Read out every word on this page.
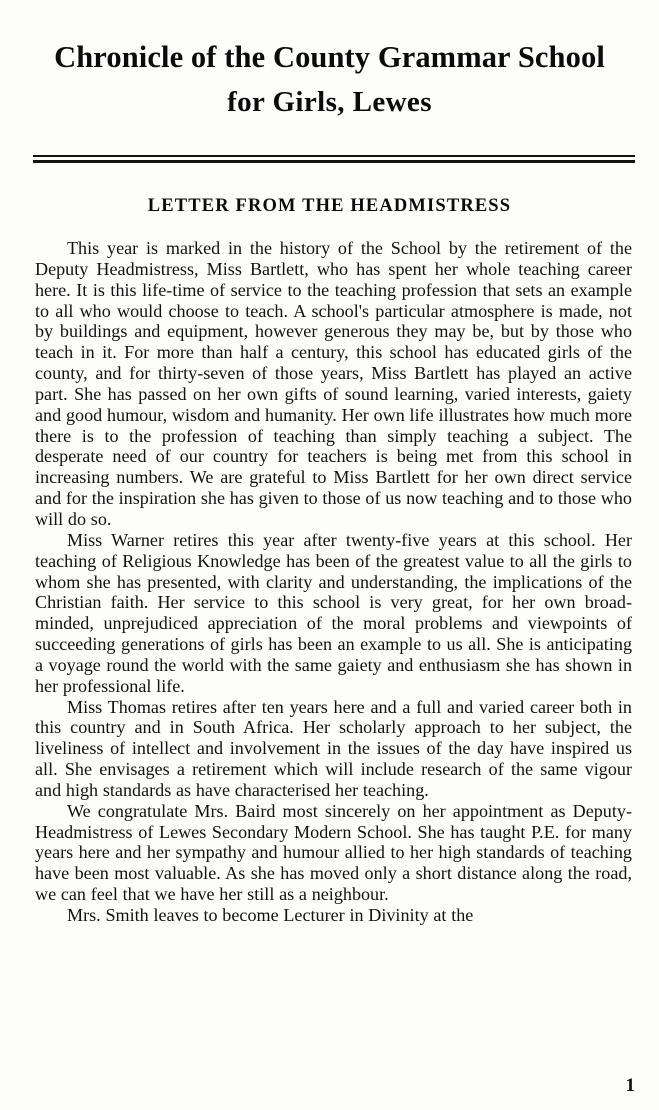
Chronicle of the County Grammar School
for Girls, Lewes
LETTER FROM THE HEADMISTRESS

This year is marked in the history of the School by the retirement of the Deputy Headmistress, Miss Bartlett, who has spent her whole teaching career here. It is this life-time of service to the teaching profession that sets an example to all who would choose to teach. A school's particular atmosphere is made, not by buildings and equipment, however generous they may be, but by those who teach in it. For more than half a century, this school has educated girls of the county, and for thirty-seven of those years, Miss Bartlett has played an active part. She has passed on her own gifts of sound learning, varied interests, gaiety and good humour, wisdom and humanity. Her own life illustrates how much more there is to the profession of teaching than simply teaching a subject. The desperate need of our country for teachers is being met from this school in increasing numbers. We are grateful to Miss Bartlett for her own direct service and for the inspiration she has given to those of us now teaching and to those who will do so.

Miss Warner retires this year after twenty-five years at this school. Her teaching of Religious Knowledge has been of the greatest value to all the girls to whom she has presented, with clarity and understanding, the implications of the Christian faith. Her service to this school is very great, for her own broad-minded, unprejudiced appreciation of the moral problems and viewpoints of succeeding generations of girls has been an example to us all. She is anticipating a voyage round the world with the same gaiety and enthusiasm she has shown in her professional life.

Miss Thomas retires after ten years here and a full and varied career both in this country and in South Africa. Her scholarly approach to her subject, the liveliness of intellect and involvement in the issues of the day have inspired us all. She envisages a retirement which will include research of the same vigour and high standards as have characterised her teaching.

We congratulate Mrs. Baird most sincerely on her appointment as Deputy-Headmistress of Lewes Secondary Modern School. She has taught P.E. for many years here and her sympathy and humour allied to her high standards of teaching have been most valuable. As she has moved only a short distance along the road, we can feel that we have her still as a neighbour.

Mrs. Smith leaves to become Lecturer in Divinity at the

1
